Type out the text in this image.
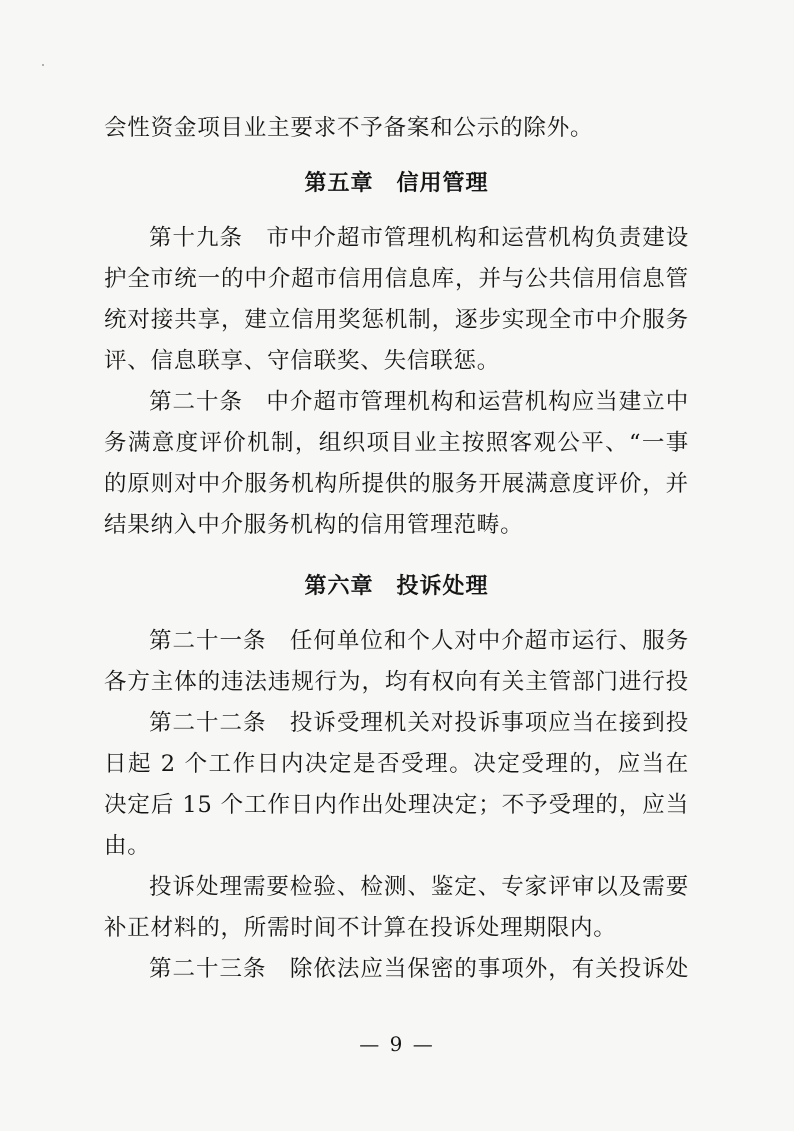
会性资金项目业主要求不予备案和公示的除外。
第五章　信用管理
第十九条　市中介超市管理机构和运营机构负责建设
护全市统一的中介超市信用信息库，并与公共信用信息管
统对接共享，建立信用奖惩机制，逐步实现全市中介服务
评、信息联享、守信联奖、失信联惩。
第二十条　中介超市管理机构和运营机构应当建立中
务满意度评价机制，组织项目业主按照客观公平、“一事
的原则对中介服务机构所提供的服务开展满意度评价，并
结果纳入中介服务机构的信用管理范畴。
第六章　投诉处理
第二十一条　任何单位和个人对中介超市运行、服务
各方主体的违法违规行为，均有权向有关主管部门进行投
第二十二条　投诉受理机关对投诉事项应当在接到投
日起 2 个工作日内决定是否受理。决定受理的，应当在
决定后 15 个工作日内作出处理决定；不予受理的，应当
由。
投诉处理需要检验、检测、鉴定、专家评审以及需要
补正材料的，所需时间不计算在投诉处理期限内。
第二十三条　除依法应当保密的事项外，有关投诉处
— 9 —
